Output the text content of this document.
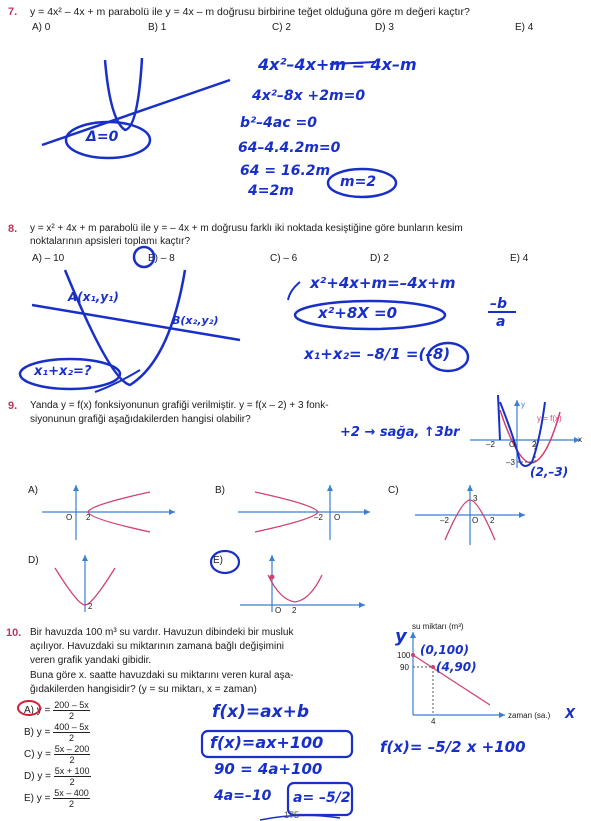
7. y = 4x² – 4x + m parabolü ile y = 4x – m doğrusu birbirine teğet olduğuna göre m değeri kaçtır?
A) 0	B) 1	C) 2	D) 3	E) 4
Δ=0
4x²–4x+m = 4x–m
4x²–8x +2m=0
b²–4ac =0
64–4.4.2m=0
64 = 16.2m
4=2m
m=2
8. y = x² + 4x + m parabolü ile y = – 4x + m doğrusu farklı iki noktada kesiştiğine göre bunların kesim
noktalarının apsisleri toplamı kaçtır?
A) – 10	B) – 8	C) – 6	D) 2	E) 4
A(x₁,y₁)
B(x₂,y₂)
x₁+x₂=?
x²+4x+m=–4x+m
x²+8X =0	–b
a
x₁+x₂= –8/1 =(–8)
9. Yanda y = f(x) fonksiyonunun grafiği verilmiştir. y = f(x – 2) + 3 fonk-
siyonunun grafiği aşağıdakilerden hangisi olabilir?
+2 → sağa, ↑3br
y
x
y = f(x)
–2 O 2
–3
(2,–3)
A)	B)	C)
D)	E)
O 2	–2 O
3
–2	O 2
2	O 2
10. Bir havuzda 100 m³ su vardır. Havuzun dibindeki bir musluk
açılıyor. Havuzdaki su miktarının zamana bağlı değişimini
veren grafik yandaki gibidir.
Buna göre x. saatte havuzdaki su miktarını veren kural aşa-
ğıdakilerden hangisidir? (y = su miktarı, x = zaman)
A) $y = \frac{200 - 5x}{2}$
B) $y = \frac{400 - 5x}{2}$
C) $y = \frac{5x - 200}{2}$
D) $y = \frac{5x + 100}{2}$
E) $y = \frac{5x - 400}{2}$
su miktarı (m³)
zaman (sa.)
100
90
4
(0,100)
(4,90)
y
X
f(x)=ax+b
f(x)=ax+100
90 = 4a+100
4a=–10 a= –5/2
f(x)= –5/2 x +100
175
